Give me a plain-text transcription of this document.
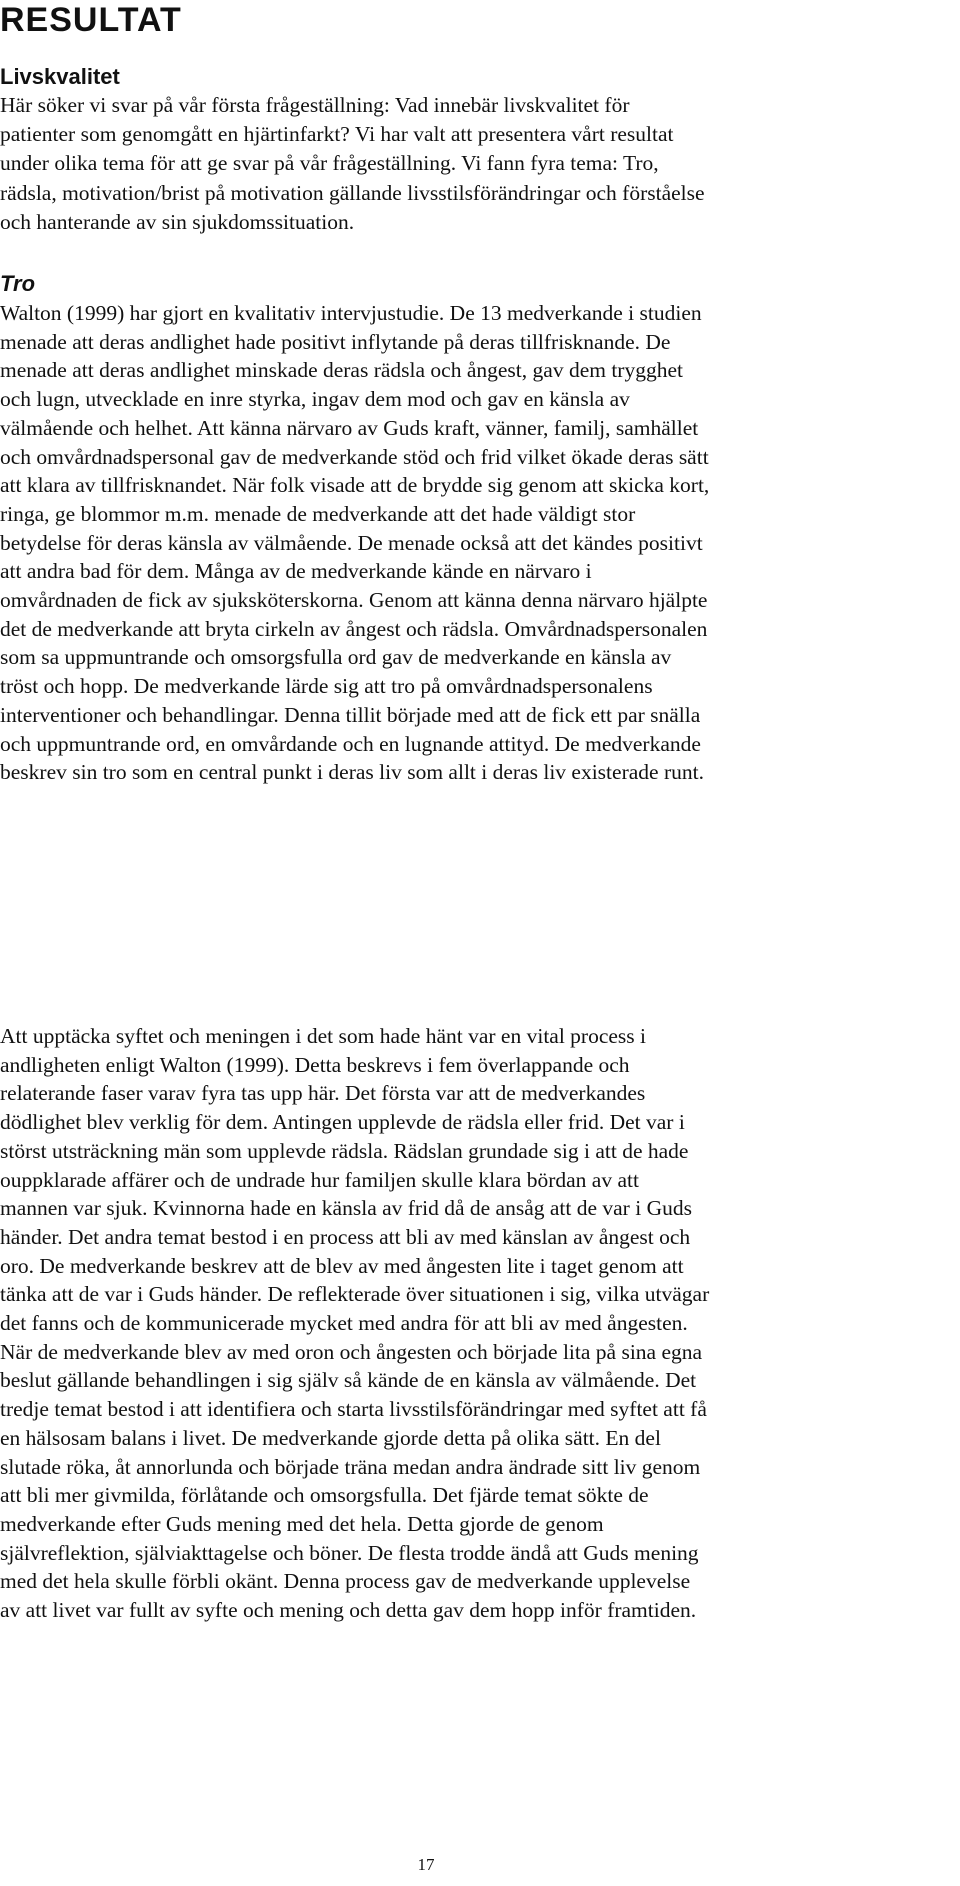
RESULTAT
Livskvalitet

Här söker vi svar på vår första frågeställning: Vad innebär livskvalitet för
patienter som genomgått en hjärtinfarkt? Vi har valt att presentera vårt resultat
under olika tema för att ge svar på vår frågeställning. Vi fann fyra tema: Tro,
rädsla, motivation/brist på motivation gällande livsstilsförändringar och förståelse
och hanterande av sin sjukdomssituation.

Tro

Walton (1999) har gjort en kvalitativ intervjustudie. De 13 medverkande i studien
menade att deras andlighet hade positivt inflytande på deras tillfrisknande. De
menade att deras andlighet minskade deras rädsla och ångest, gav dem trygghet
och lugn, utvecklade en inre styrka, ingav dem mod och gav en känsla av
välmående och helhet. Att känna närvaro av Guds kraft, vänner, familj, samhället
och omvårdnadspersonal gav de medverkande stöd och frid vilket ökade deras sätt
att klara av tillfrisknandet. När folk visade att de brydde sig genom att skicka kort,
ringa, ge blommor m.m. menade de medverkande att det hade väldigt stor
betydelse för deras känsla av välmående. De menade också att det kändes positivt
att andra bad för dem. Många av de medverkande kände en närvaro i
omvårdnaden de fick av sjuksköterskorna. Genom att känna denna närvaro hjälpte
det de medverkande att bryta cirkeln av ångest och rädsla. Omvårdnadspersonalen
som sa uppmuntrande och omsorgsfulla ord gav de medverkande en känsla av
tröst och hopp. De medverkande lärde sig att tro på omvårdnadspersonalens
interventioner och behandlingar. Denna tillit började med att de fick ett par snälla
och uppmuntrande ord, en omvårdande och en lugnande attityd. De medverkande
beskrev sin tro som en central punkt i deras liv som allt i deras liv existerade runt.

Att upptäcka syftet och meningen i det som hade hänt var en vital process i
andligheten enligt Walton (1999). Detta beskrevs i fem överlappande och
relaterande faser varav fyra tas upp här. Det första var att de medverkandes
dödlighet blev verklig för dem. Antingen upplevde de rädsla eller frid. Det var i
störst utsträckning män som upplevde rädsla. Rädslan grundade sig i att de hade
ouppklarade affärer och de undrade hur familjen skulle klara bördan av att
mannen var sjuk. Kvinnorna hade en känsla av frid då de ansåg att de var i Guds
händer. Det andra temat bestod i en process att bli av med känslan av ångest och
oro. De medverkande beskrev att de blev av med ångesten lite i taget genom att
tänka att de var i Guds händer. De reflekterade över situationen i sig, vilka utvägar
det fanns och de kommunicerade mycket med andra för att bli av med ångesten.
När de medverkande blev av med oron och ångesten och började lita på sina egna
beslut gällande behandlingen i sig själv så kände de en känsla av välmående. Det
tredje temat bestod i att identifiera och starta livsstilsförändringar med syftet att få
en hälsosam balans i livet. De medverkande gjorde detta på olika sätt. En del
slutade röka, åt annorlunda och började träna medan andra ändrade sitt liv genom
att bli mer givmilda, förlåtande och omsorgsfulla. Det fjärde temat sökte de
medverkande efter Guds mening med det hela. Detta gjorde de genom
självreflektion, själviakttagelse och böner. De flesta trodde ändå att Guds mening
med det hela skulle förbli okänt. Denna process gav de medverkande upplevelse
av att livet var fullt av syfte och mening och detta gav dem hopp inför framtiden.

17
